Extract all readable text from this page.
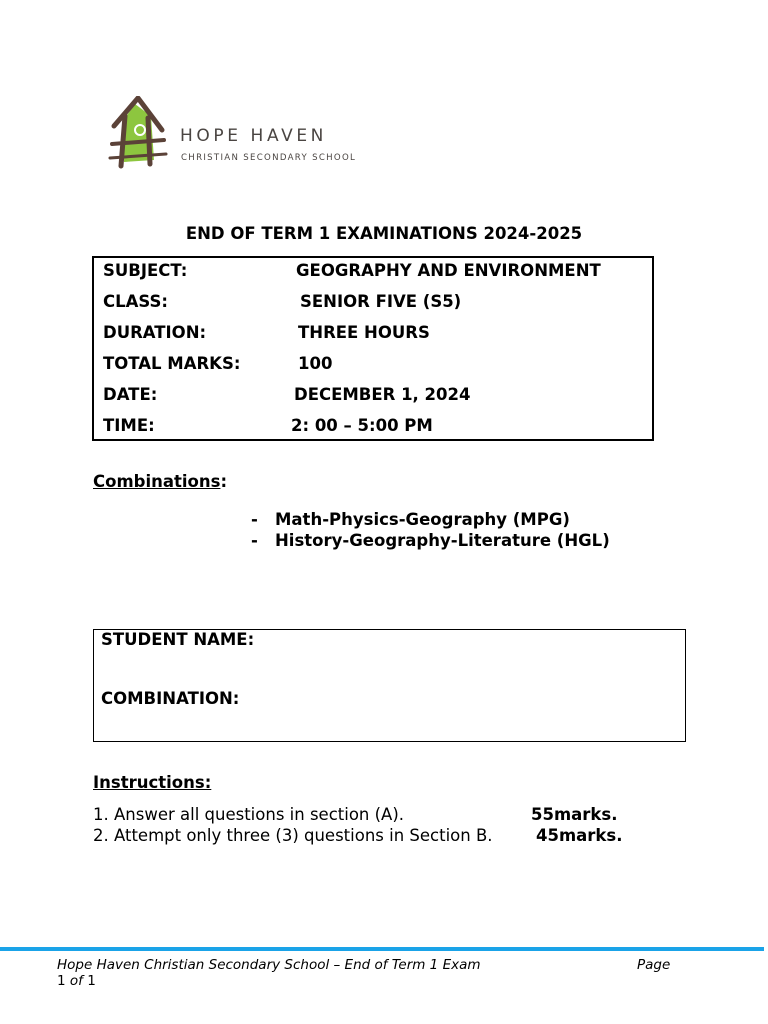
HOPE HAVEN
CHRISTIAN SECONDARY SCHOOL
END OF TERM 1 EXAMINATIONS 2024-2025
SUBJECT:	GEOGRAPHY AND ENVIRONMENT
CLASS:	SENIOR FIVE (S5)
DURATION:	THREE HOURS
TOTAL MARKS:	100
DATE:	DECEMBER 1, 2024
TIME:	2: 00 – 5:00 PM
Combinations:
- Math-Physics-Geography (MPG)
- History-Geography-Literature (HGL)
STUDENT NAME:
COMBINATION:
Instructions:
1. Answer all questions in section (A).	55marks.
2. Attempt only three (3) questions in Section B.	45marks.
Hope Haven Christian Secondary School – End of Term 1 Exam	Page
1 of 1
